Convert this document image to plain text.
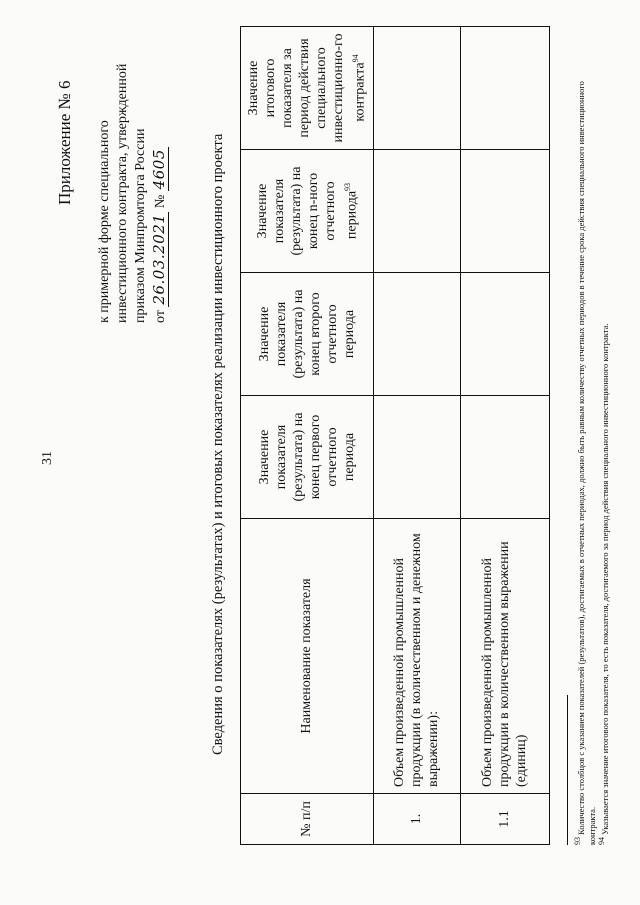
31
Приложение № 6 к примерной форме специального инвестиционного контракта, утвержденной приказом Минпромторга России от 26.03.2021 № 4605	Сведения о показателях (результатах) и итоговых показателях реализации инвестиционного проекта
№ п/п	Наименование показателя	Значение показателя (результата) на конец первого отчетного периода	Значение показателя (результата) на конец второго отчетного периода	Значение показателя (результата) на конец n-ного отчетного периода$^{93}$	Значение итогового показателя за период действия специального инвестиционно-го контракта$^{94}$
1.	Объем произведенной промышленной продукции (в количественном и денежном выражении):				
1.1	Объем произведенной промышленной продукции в количественном выражении (единиц)				
$^{93}$ Количество столбцов с указанием показателей (результатов), достигаемых в отчетных периодах, должно быть равным количеству отчетных периодов в течение срока действия специального инвестиционного контракта. $^{94}$ Указывается значение итогового показателя, то есть показателя, достигаемого за период действия специального инвестиционного контракта.
